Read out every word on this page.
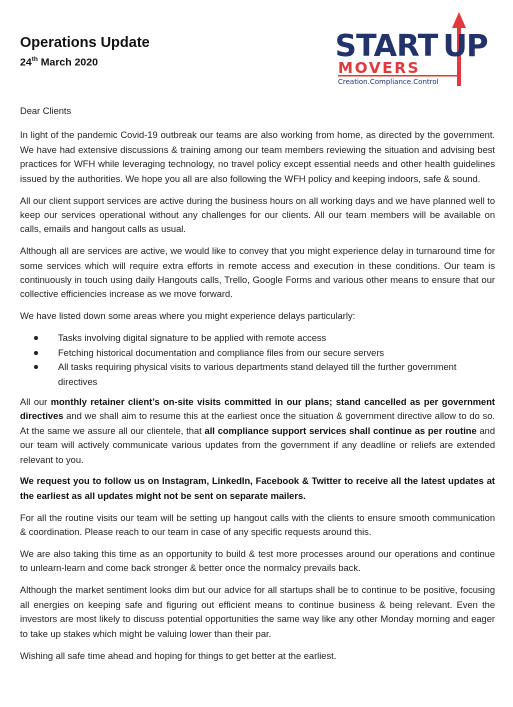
Operations Update
24th March 2020	START UP
MOVERS
Creation.Compliance.Control

Dear Clients

In light of the pandemic Covid-19 outbreak our teams are also working from home, as directed by the government. We have had extensive discussions & training among our team members reviewing the situation and advising best practices for WFH while leveraging technology, no travel policy except essential needs and other health guidelines issued by the authorities. We hope you all are also following the WFH policy and keeping indoors, safe & sound.

All our client support services are active during the business hours on all working days and we have planned well to keep our services operational without any challenges for our clients. All our team members will be available on calls, emails and hangout calls as usual.

Although all are services are active, we would like to convey that you might experience delay in turnaround time for some services which will require extra efforts in remote access and execution in these conditions. Our team is continuously in touch using daily Hangouts calls, Trello, Google Forms and various other means to ensure that our collective efficiencies increase as we move forward.

We have listed down some areas where you might experience delays particularly:

Tasks involving digital signature to be applied with remote access
Fetching historical documentation and compliance files from our secure servers
All tasks requiring physical visits to various departments stand delayed till the further government directives

All our monthly retainer client’s on-site visits committed in our plans; stand cancelled as per government directives and we shall aim to resume this at the earliest once the situation & government directive allow to do so. At the same we assure all our clientele, that all compliance support services shall continue as per routine and our team will actively communicate various updates from the government if any deadline or reliefs are extended relevant to you.

We request you to follow us on Instagram, LinkedIn, Facebook & Twitter to receive all the latest updates at the earliest as all updates might not be sent on separate mailers.

For all the routine visits our team will be setting up hangout calls with the clients to ensure smooth communication & coordination. Please reach to our team in case of any specific requests around this.

We are also taking this time as an opportunity to build & test more processes around our operations and continue to unlearn-learn and come back stronger & better once the normalcy prevails back.

Although the market sentiment looks dim but our advice for all startups shall be to continue to be positive, focusing all energies on keeping safe and figuring out efficient means to continue business & being relevant. Even the investors are most likely to discuss potential opportunities the same way like any other Monday morning and eager to take up stakes which might be valuing lower than their par.

Wishing all safe time ahead and hoping for things to get better at the earliest.
